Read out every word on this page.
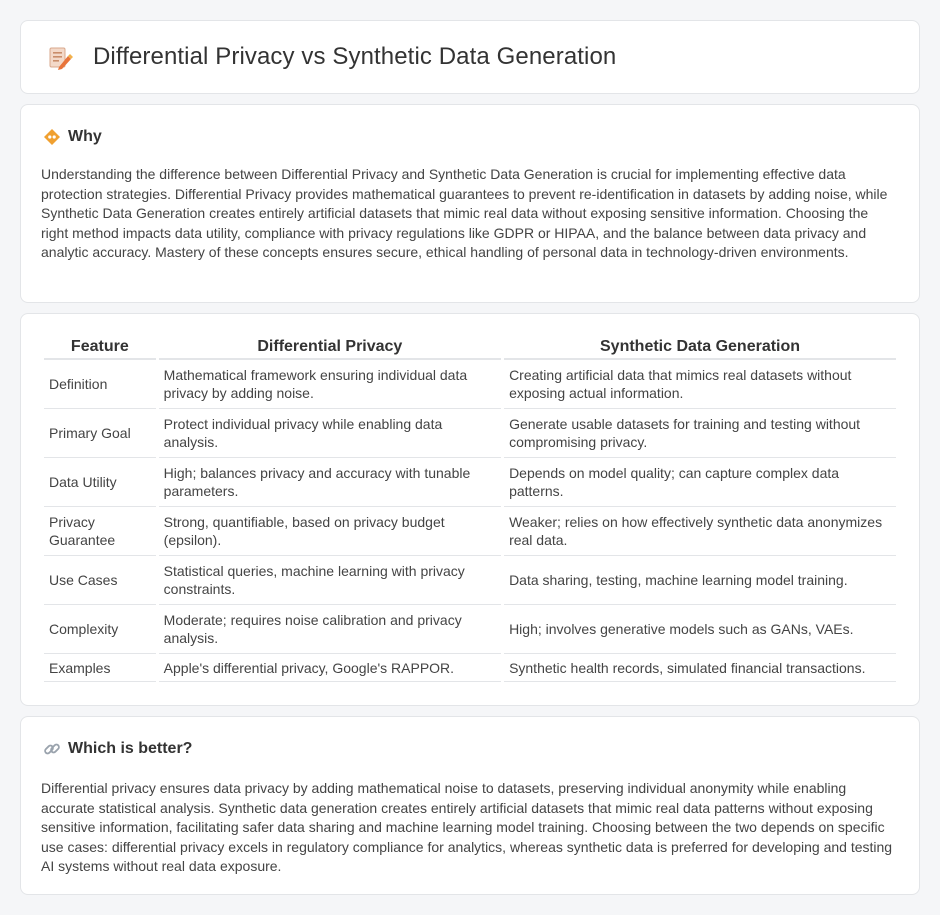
Differential Privacy vs Synthetic Data Generation
Why

Understanding the difference between Differential Privacy and Synthetic Data Generation is crucial for implementing effective data protection strategies. Differential Privacy provides mathematical guarantees to prevent re-identification in datasets by adding noise, while Synthetic Data Generation creates entirely artificial datasets that mimic real data without exposing sensitive information. Choosing the right method impacts data utility, compliance with privacy regulations like GDPR or HIPAA, and the balance between data privacy and analytic accuracy. Mastery of these concepts ensures secure, ethical handling of personal data in technology-driven environments.

Feature	Differential Privacy	Synthetic Data Generation
Definition	Mathematical framework ensuring individual data privacy by adding noise.	Creating artificial data that mimics real datasets without exposing actual information.
Primary Goal	Protect individual privacy while enabling data analysis.	Generate usable datasets for training and testing without compromising privacy.
Data Utility	High; balances privacy and accuracy with tunable parameters.	Depends on model quality; can capture complex data patterns.
Privacy Guarantee	Strong, quantifiable, based on privacy budget (epsilon).	Weaker; relies on how effectively synthetic data anonymizes real data.
Use Cases	Statistical queries, machine learning with privacy constraints.	Data sharing, testing, machine learning model training.
Complexity	Moderate; requires noise calibration and privacy analysis.	High; involves generative models such as GANs, VAEs.
Examples	Apple's differential privacy, Google's RAPPOR.	Synthetic health records, simulated financial transactions.
Which is better?

Differential privacy ensures data privacy by adding mathematical noise to datasets, preserving individual anonymity while enabling accurate statistical analysis. Synthetic data generation creates entirely artificial datasets that mimic real data patterns without exposing sensitive information, facilitating safer data sharing and machine learning model training. Choosing between the two depends on specific use cases: differential privacy excels in regulatory compliance for analytics, whereas synthetic data is preferred for developing and testing AI systems without real data exposure.
